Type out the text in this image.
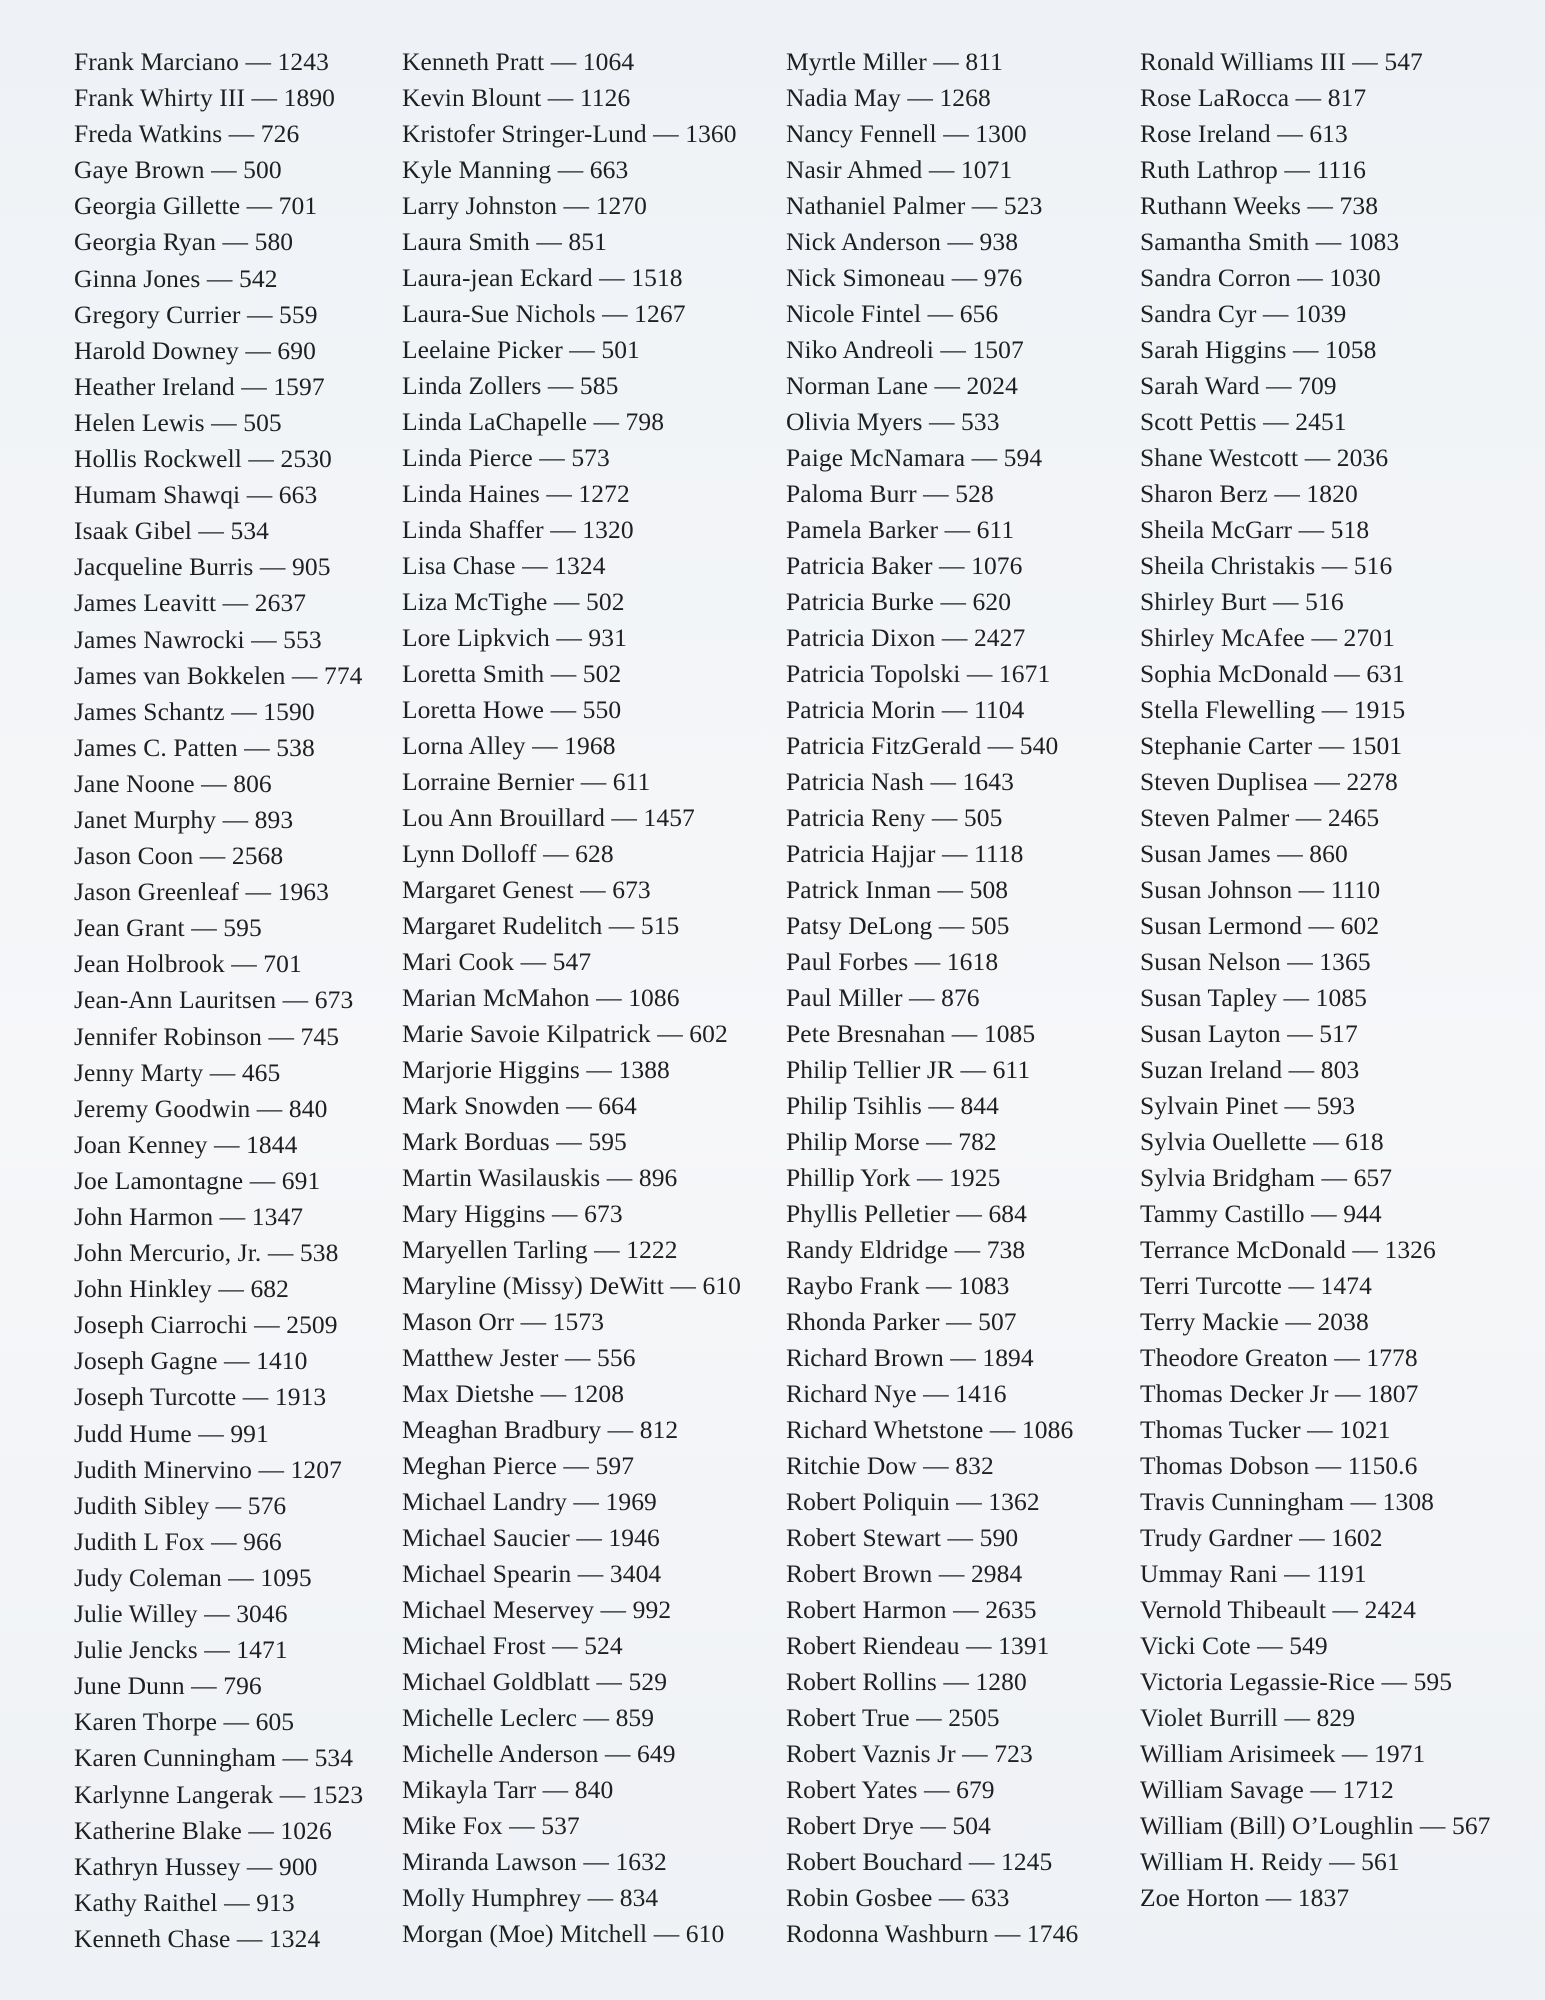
Frank Marciano — 1243
Frank Whirty III — 1890
Freda Watkins — 726
Gaye Brown — 500
Georgia Gillette — 701
Georgia Ryan — 580
Ginna Jones — 542
Gregory Currier — 559
Harold Downey — 690
Heather Ireland — 1597
Helen Lewis — 505
Hollis Rockwell — 2530
Humam Shawqi — 663
Isaak Gibel — 534
Jacqueline Burris — 905
James Leavitt — 2637
James Nawrocki — 553
James van Bokkelen — 774
James Schantz — 1590
James C. Patten — 538
Jane Noone — 806
Janet Murphy — 893
Jason Coon — 2568
Jason Greenleaf — 1963
Jean Grant — 595
Jean Holbrook — 701
Jean-Ann Lauritsen — 673
Jennifer Robinson — 745
Jenny Marty — 465
Jeremy Goodwin — 840
Joan Kenney — 1844
Joe Lamontagne — 691
John Harmon — 1347
John Mercurio, Jr. — 538
John Hinkley — 682
Joseph Ciarrochi — 2509
Joseph Gagne — 1410
Joseph Turcotte — 1913
Judd Hume — 991
Judith Minervino — 1207
Judith Sibley — 576
Judith L Fox — 966
Judy Coleman — 1095
Julie Willey — 3046
Julie Jencks — 1471
June Dunn — 796
Karen Thorpe — 605
Karen Cunningham — 534
Karlynne Langerak — 1523
Katherine Blake — 1026
Kathryn Hussey — 900
Kathy Raithel — 913
Kenneth Chase — 1324
Kenneth Pratt — 1064
Kevin Blount — 1126
Kristofer Stringer-Lund — 1360
Kyle Manning — 663
Larry Johnston — 1270
Laura Smith — 851
Laura-jean Eckard — 1518
Laura-Sue Nichols — 1267
Leelaine Picker — 501
Linda Zollers — 585
Linda LaChapelle — 798
Linda Pierce — 573
Linda Haines — 1272
Linda Shaffer — 1320
Lisa Chase — 1324
Liza McTighe — 502
Lore Lipkvich — 931
Loretta Smith — 502
Loretta Howe — 550
Lorna Alley — 1968
Lorraine Bernier — 611
Lou Ann Brouillard — 1457
Lynn Dolloff — 628
Margaret Genest — 673
Margaret Rudelitch — 515
Mari Cook — 547
Marian McMahon — 1086
Marie Savoie Kilpatrick — 602
Marjorie Higgins — 1388
Mark Snowden — 664
Mark Borduas — 595
Martin Wasilauskis — 896
Mary Higgins — 673
Maryellen Tarling — 1222
Maryline (Missy) DeWitt — 610
Mason Orr — 1573
Matthew Jester — 556
Max Dietshe — 1208
Meaghan Bradbury — 812
Meghan Pierce — 597
Michael Landry — 1969
Michael Saucier — 1946
Michael Spearin — 3404
Michael Meservey — 992
Michael Frost — 524
Michael Goldblatt — 529
Michelle Leclerc — 859
Michelle Anderson — 649
Mikayla Tarr — 840
Mike Fox — 537
Miranda Lawson — 1632
Molly Humphrey — 834
Morgan (Moe) Mitchell — 610
Myrtle Miller — 811
Nadia May — 1268
Nancy Fennell — 1300
Nasir Ahmed — 1071
Nathaniel Palmer — 523
Nick Anderson — 938
Nick Simoneau — 976
Nicole Fintel — 656
Niko Andreoli — 1507
Norman Lane — 2024
Olivia Myers — 533
Paige McNamara — 594
Paloma Burr — 528
Pamela Barker — 611
Patricia Baker — 1076
Patricia Burke — 620
Patricia Dixon — 2427
Patricia Topolski — 1671
Patricia Morin — 1104
Patricia FitzGerald — 540
Patricia Nash — 1643
Patricia Reny — 505
Patricia Hajjar — 1118
Patrick Inman — 508
Patsy DeLong — 505
Paul Forbes — 1618
Paul Miller — 876
Pete Bresnahan — 1085
Philip Tellier JR — 611
Philip Tsihlis — 844
Philip Morse — 782
Phillip York — 1925
Phyllis Pelletier — 684
Randy Eldridge — 738
Raybo Frank — 1083
Rhonda Parker — 507
Richard Brown — 1894
Richard Nye — 1416
Richard Whetstone — 1086
Ritchie Dow — 832
Robert Poliquin — 1362
Robert Stewart — 590
Robert Brown — 2984
Robert Harmon — 2635
Robert Riendeau — 1391
Robert Rollins — 1280
Robert True — 2505
Robert Vaznis Jr — 723
Robert Yates — 679
Robert Drye — 504
Robert Bouchard — 1245
Robin Gosbee — 633
Rodonna Washburn — 1746
Ronald Williams III — 547
Rose LaRocca — 817
Rose Ireland — 613
Ruth Lathrop — 1116
Ruthann Weeks — 738
Samantha Smith — 1083
Sandra Corron — 1030
Sandra Cyr — 1039
Sarah Higgins — 1058
Sarah Ward — 709
Scott Pettis — 2451
Shane Westcott — 2036
Sharon Berz — 1820
Sheila McGarr — 518
Sheila Christakis — 516
Shirley Burt — 516
Shirley McAfee — 2701
Sophia McDonald — 631
Stella Flewelling — 1915
Stephanie Carter — 1501
Steven Duplisea — 2278
Steven Palmer — 2465
Susan James — 860
Susan Johnson — 1110
Susan Lermond — 602
Susan Nelson — 1365
Susan Tapley — 1085
Susan Layton — 517
Suzan Ireland — 803
Sylvain Pinet — 593
Sylvia Ouellette — 618
Sylvia Bridgham — 657
Tammy Castillo — 944
Terrance McDonald — 1326
Terri Turcotte — 1474
Terry Mackie — 2038
Theodore Greaton — 1778
Thomas Decker Jr — 1807
Thomas Tucker — 1021
Thomas Dobson — 1150.6
Travis Cunningham — 1308
Trudy Gardner — 1602
Ummay Rani — 1191
Vernold Thibeault — 2424
Vicki Cote — 549
Victoria Legassie-Rice — 595
Violet Burrill — 829
William Arisimeek — 1971
William Savage — 1712
William (Bill) O’Loughlin — 567
William H. Reidy — 561
Zoe Horton — 1837
